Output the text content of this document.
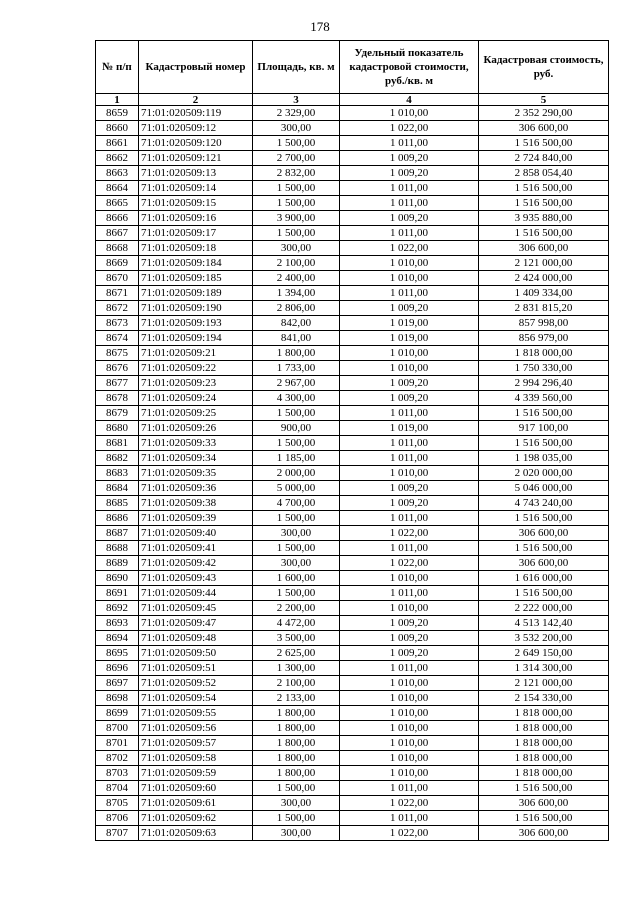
178
№ п/п	Кадастровый номер	Площадь, кв. м	Удельный показатель кадастровой стоимости, руб./кв. м	Кадастровая стоимость, руб.
1	2	3	4	5
8659	71:01:020509:119	2 329,00	1 010,00	2 352 290,00
8660	71:01:020509:12	300,00	1 022,00	306 600,00
8661	71:01:020509:120	1 500,00	1 011,00	1 516 500,00
8662	71:01:020509:121	2 700,00	1 009,20	2 724 840,00
8663	71:01:020509:13	2 832,00	1 009,20	2 858 054,40
8664	71:01:020509:14	1 500,00	1 011,00	1 516 500,00
8665	71:01:020509:15	1 500,00	1 011,00	1 516 500,00
8666	71:01:020509:16	3 900,00	1 009,20	3 935 880,00
8667	71:01:020509:17	1 500,00	1 011,00	1 516 500,00
8668	71:01:020509:18	300,00	1 022,00	306 600,00
8669	71:01:020509:184	2 100,00	1 010,00	2 121 000,00
8670	71:01:020509:185	2 400,00	1 010,00	2 424 000,00
8671	71:01:020509:189	1 394,00	1 011,00	1 409 334,00
8672	71:01:020509:190	2 806,00	1 009,20	2 831 815,20
8673	71:01:020509:193	842,00	1 019,00	857 998,00
8674	71:01:020509:194	841,00	1 019,00	856 979,00
8675	71:01:020509:21	1 800,00	1 010,00	1 818 000,00
8676	71:01:020509:22	1 733,00	1 010,00	1 750 330,00
8677	71:01:020509:23	2 967,00	1 009,20	2 994 296,40
8678	71:01:020509:24	4 300,00	1 009,20	4 339 560,00
8679	71:01:020509:25	1 500,00	1 011,00	1 516 500,00
8680	71:01:020509:26	900,00	1 019,00	917 100,00
8681	71:01:020509:33	1 500,00	1 011,00	1 516 500,00
8682	71:01:020509:34	1 185,00	1 011,00	1 198 035,00
8683	71:01:020509:35	2 000,00	1 010,00	2 020 000,00
8684	71:01:020509:36	5 000,00	1 009,20	5 046 000,00
8685	71:01:020509:38	4 700,00	1 009,20	4 743 240,00
8686	71:01:020509:39	1 500,00	1 011,00	1 516 500,00
8687	71:01:020509:40	300,00	1 022,00	306 600,00
8688	71:01:020509:41	1 500,00	1 011,00	1 516 500,00
8689	71:01:020509:42	300,00	1 022,00	306 600,00
8690	71:01:020509:43	1 600,00	1 010,00	1 616 000,00
8691	71:01:020509:44	1 500,00	1 011,00	1 516 500,00
8692	71:01:020509:45	2 200,00	1 010,00	2 222 000,00
8693	71:01:020509:47	4 472,00	1 009,20	4 513 142,40
8694	71:01:020509:48	3 500,00	1 009,20	3 532 200,00
8695	71:01:020509:50	2 625,00	1 009,20	2 649 150,00
8696	71:01:020509:51	1 300,00	1 011,00	1 314 300,00
8697	71:01:020509:52	2 100,00	1 010,00	2 121 000,00
8698	71:01:020509:54	2 133,00	1 010,00	2 154 330,00
8699	71:01:020509:55	1 800,00	1 010,00	1 818 000,00
8700	71:01:020509:56	1 800,00	1 010,00	1 818 000,00
8701	71:01:020509:57	1 800,00	1 010,00	1 818 000,00
8702	71:01:020509:58	1 800,00	1 010,00	1 818 000,00
8703	71:01:020509:59	1 800,00	1 010,00	1 818 000,00
8704	71:01:020509:60	1 500,00	1 011,00	1 516 500,00
8705	71:01:020509:61	300,00	1 022,00	306 600,00
8706	71:01:020509:62	1 500,00	1 011,00	1 516 500,00
8707	71:01:020509:63	300,00	1 022,00	306 600,00
